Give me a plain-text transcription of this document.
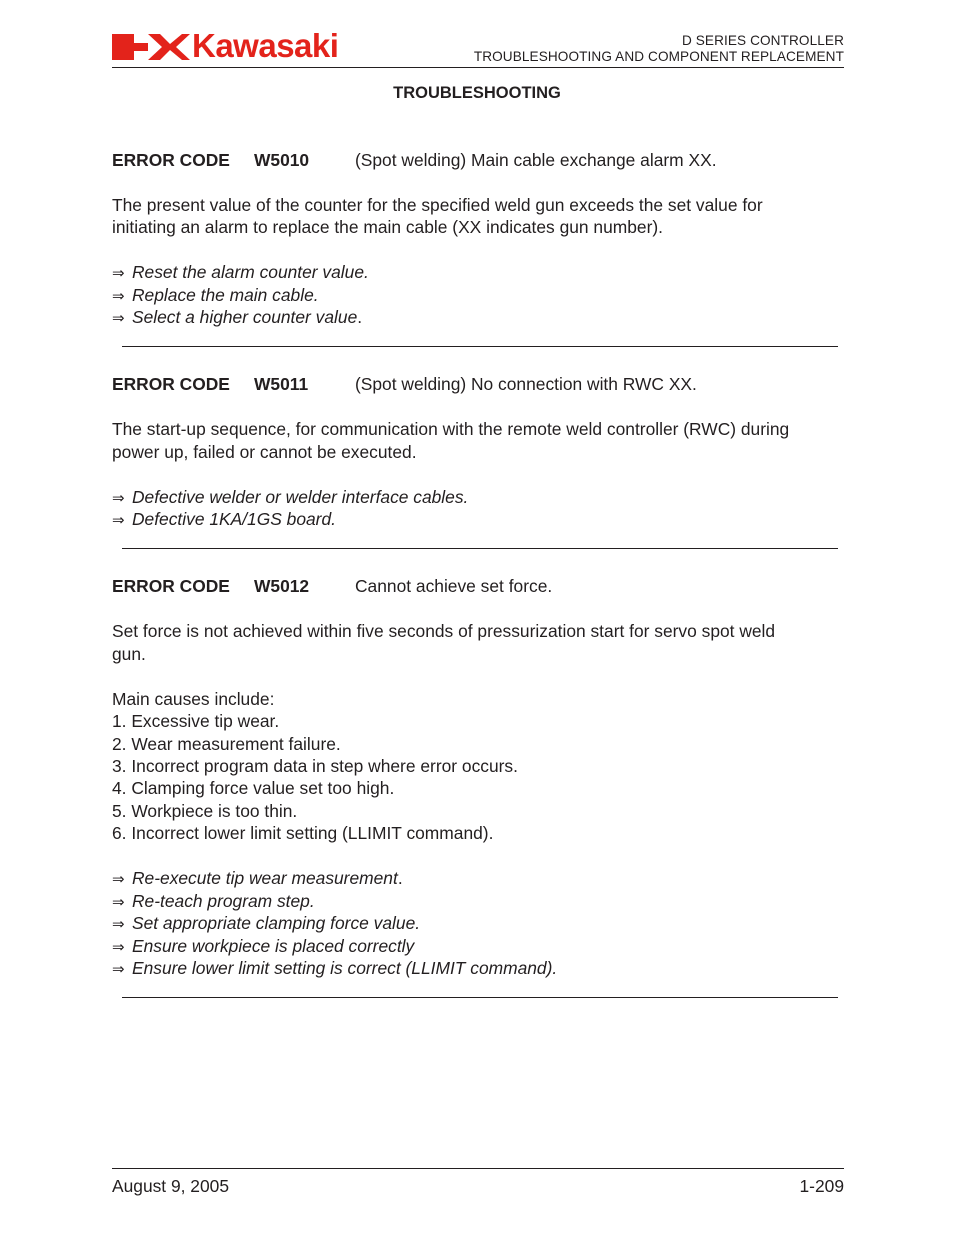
Kawasaki	D SERIES CONTROLLER
TROUBLESHOOTING AND COMPONENT REPLACEMENT
TROUBLESHOOTING
ERROR CODE W5010	(Spot welding) Main cable exchange alarm XX.
The present value of the counter for the specified weld gun exceeds the set value for
initiating an alarm to replace the main cable (XX indicates gun number).
⇒ Reset the alarm counter value.
⇒ Replace the main cable.
⇒ Select a higher counter value.
ERROR CODE W5011	(Spot welding) No connection with RWC XX.
The start-up sequence, for communication with the remote weld controller (RWC) during
power up, failed or cannot be executed.
⇒ Defective welder or welder interface cables.
⇒ Defective 1KA/1GS board.
ERROR CODE W5012	Cannot achieve set force.
Set force is not achieved within five seconds of pressurization start for servo spot weld
gun.
Main causes include:
1. Excessive tip wear.
2. Wear measurement failure.
3. Incorrect program data in step where error occurs.
4. Clamping force value set too high.
5. Workpiece is too thin.
6. Incorrect lower limit setting (LLIMIT command).
⇒ Re-execute tip wear measurement.
⇒ Re-teach program step.
⇒ Set appropriate clamping force value.
⇒ Ensure workpiece is placed correctly
⇒ Ensure lower limit setting is correct (LLIMIT command).
August 9, 2005	1-209
